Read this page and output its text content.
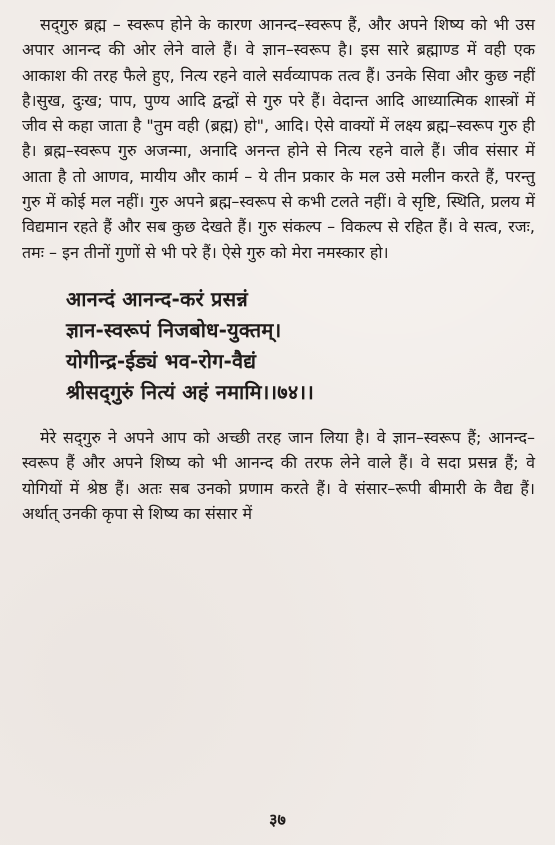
सद्‌गुरु ब्रह्म – स्वरूप होने के कारण आनन्द–स्वरूप हैं, और अपने शिष्य को भी उस अपार आनन्द की ओर लेने वाले हैं। वे ज्ञान–स्वरूप है। इस सारे ब्रह्माण्ड में वही एक आकाश की तरह फैले हुए, नित्य रहने वाले सर्वव्यापक तत्व हैं। उनके सिवा और कुछ नहीं है।सुख, दुःख; पाप, पुण्य आदि द्वन्द्वों से गुरु परे हैं। वेदान्त आदि आध्यात्मिक शास्त्रों में जीव से कहा जाता है "तुम वही (ब्रह्म) हो", आदि। ऐसे वाक्यों में लक्ष्य ब्रह्म–स्वरूप गुरु ही है। ब्रह्म–स्वरूप गुरु अजन्मा, अनादि अनन्त होने से नित्य रहने वाले हैं। जीव संसार में आता है तो आणव, मायीय और कार्म – ये तीन प्रकार के मल उसे मलीन करते हैं, परन्तु गुरु में कोई मल नहीं। गुरु अपने ब्रह्म–स्वरूप से कभी टलते नहीं। वे सृष्टि, स्थिति, प्रलय में विद्यमान रहते हैं और सब कुछ देखते हैं। गुरु संकल्प – विकल्प से रहित हैं। वे सत्व, रजः, तमः – इन तीनों गुणों से भी परे हैं। ऐसे गुरु को मेरा नमस्कार हो।

आनन्दं आनन्द-करं प्रसन्नं
ज्ञान-स्वरूपं निजबोध-युक्तम्।
योगीन्द्र-ईड्यं भव-रोग-वैद्यं
श्रीसद्‌गुरुं नित्यं अहं नमामि।।७४।।

मेरे सद्‌गुरु ने अपने आप को अच्छी तरह जान लिया है। वे ज्ञान–स्वरूप हैं; आनन्द–स्वरूप हैं और अपने शिष्य को भी आनन्द की तरफ लेने वाले हैं। वे सदा प्रसन्न हैं; वे योगियों में श्रेष्ठ हैं। अतः सब उनको प्रणाम करते हैं। वे संसार–रूपी बीमारी के वैद्य हैं। अर्थात् उनकी कृपा से शिष्य का संसार में

३७
